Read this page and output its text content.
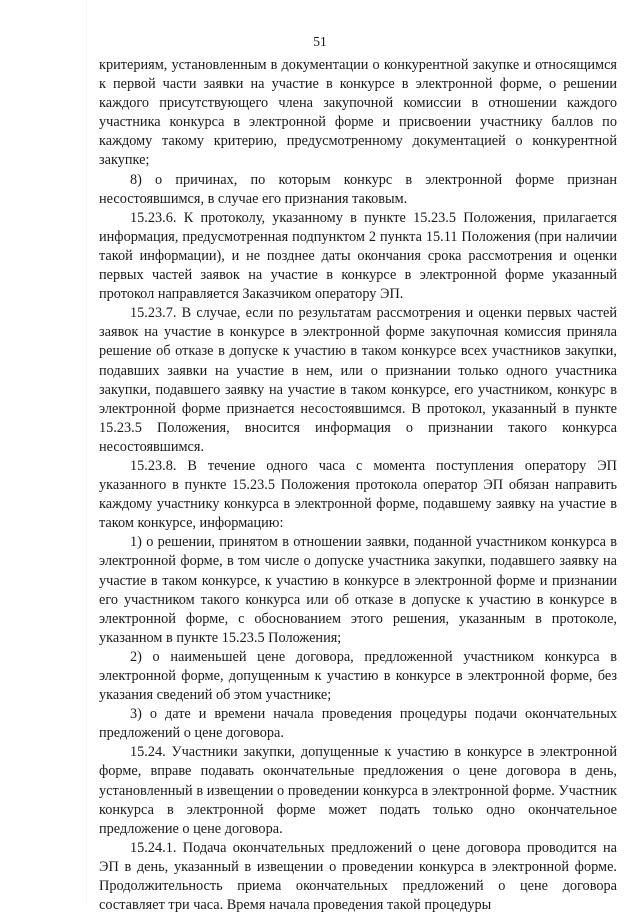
51

критериям, установленным в документации о конкурентной закупке и относящимся к первой части заявки на участие в конкурсе в электронной форме, о решении каждого присутствующего члена закупочной комиссии в отношении каждого участника конкурса в электронной форме и присвоении участнику баллов по каждому такому критерию, предусмотренному документацией о конкурентной закупке;

8) о причинах, по которым конкурс в электронной форме признан несостоявшимся, в случае его признания таковым.

15.23.6. К протоколу, указанному в пункте 15.23.5 Положения, прилагается информация, предусмотренная подпунктом 2 пункта 15.11 Положения (при наличии такой информации), и не позднее даты окончания срока рассмотрения и оценки первых частей заявок на участие в конкурсе в электронной форме указанный протокол направляется Заказчиком оператору ЭП.

15.23.7. В случае, если по результатам рассмотрения и оценки первых частей заявок на участие в конкурсе в электронной форме закупочная комиссия приняла решение об отказе в допуске к участию в таком конкурсе всех участников закупки, подавших заявки на участие в нем, или о признании только одного участника закупки, подавшего заявку на участие в таком конкурсе, его участником, конкурс в электронной форме признается несостоявшимся. В протокол, указанный в пункте 15.23.5 Положения, вносится информация о признании такого конкурса несостоявшимся.

15.23.8. В течение одного часа с момента поступления оператору ЭП указанного в пункте 15.23.5 Положения протокола оператор ЭП обязан направить каждому участнику конкурса в электронной форме, подавшему заявку на участие в таком конкурсе, информацию:

1) о решении, принятом в отношении заявки, поданной участником конкурса в электронной форме, в том числе о допуске участника закупки, подавшего заявку на участие в таком конкурсе, к участию в конкурсе в электронной форме и признании его участником такого конкурса или об отказе в допуске к участию в конкурсе в электронной форме, с обоснованием этого решения, указанным в протоколе, указанном в пункте 15.23.5 Положения;

2) о наименьшей цене договора, предложенной участником конкурса в электронной форме, допущенным к участию в конкурсе в электронной форме, без указания сведений об этом участнике;

3) о дате и времени начала проведения процедуры подачи окончательных предложений о цене договора.

15.24. Участники закупки, допущенные к участию в конкурсе в электронной форме, вправе подавать окончательные предложения о цене договора в день, установленный в извещении о проведении конкурса в электронной форме. Участник конкурса в электронной форме может подать только одно окончательное предложение о цене договора.

15.24.1. Подача окончательных предложений о цене договора проводится на ЭП в день, указанный в извещении о проведении конкурса в электронной форме. Продолжительность приема окончательных предложений о цене договора составляет три часа. Время начала проведения такой процедуры
